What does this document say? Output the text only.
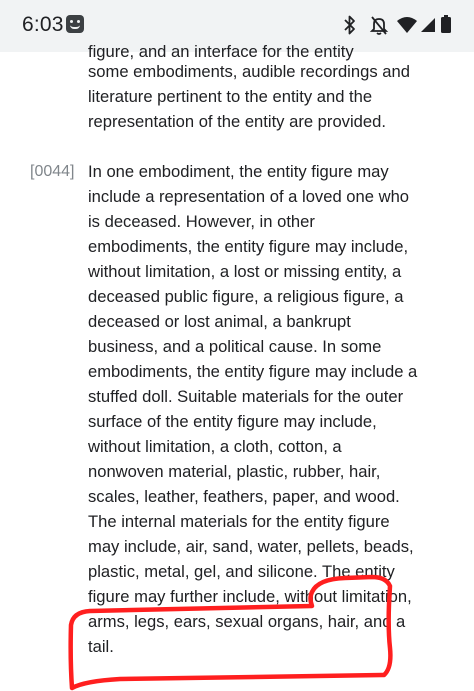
6:03
figure, and an interface for the entity
some embodiments, audible recordings and literature pertinent to the entity and the representation of the entity are provided.
[0044] In one embodiment, the entity figure may include a representation of a loved one who is deceased. However, in other embodiments, the entity figure may include, without limitation, a lost or missing entity, a deceased public figure, a religious figure, a deceased or lost animal, a bankrupt business, and a political cause. In some embodiments, the entity figure may include a stuffed doll. Suitable materials for the outer surface of the entity figure may include, without limitation, a cloth, cotton, a nonwoven material, plastic, rubber, hair, scales, leather, feathers, paper, and wood. The internal materials for the entity figure may include, air, sand, water, pellets, beads, plastic, metal, gel, and silicone. The entity figure may further include, without limitation, arms, legs, ears, sexual organs, hair, and a tail.
